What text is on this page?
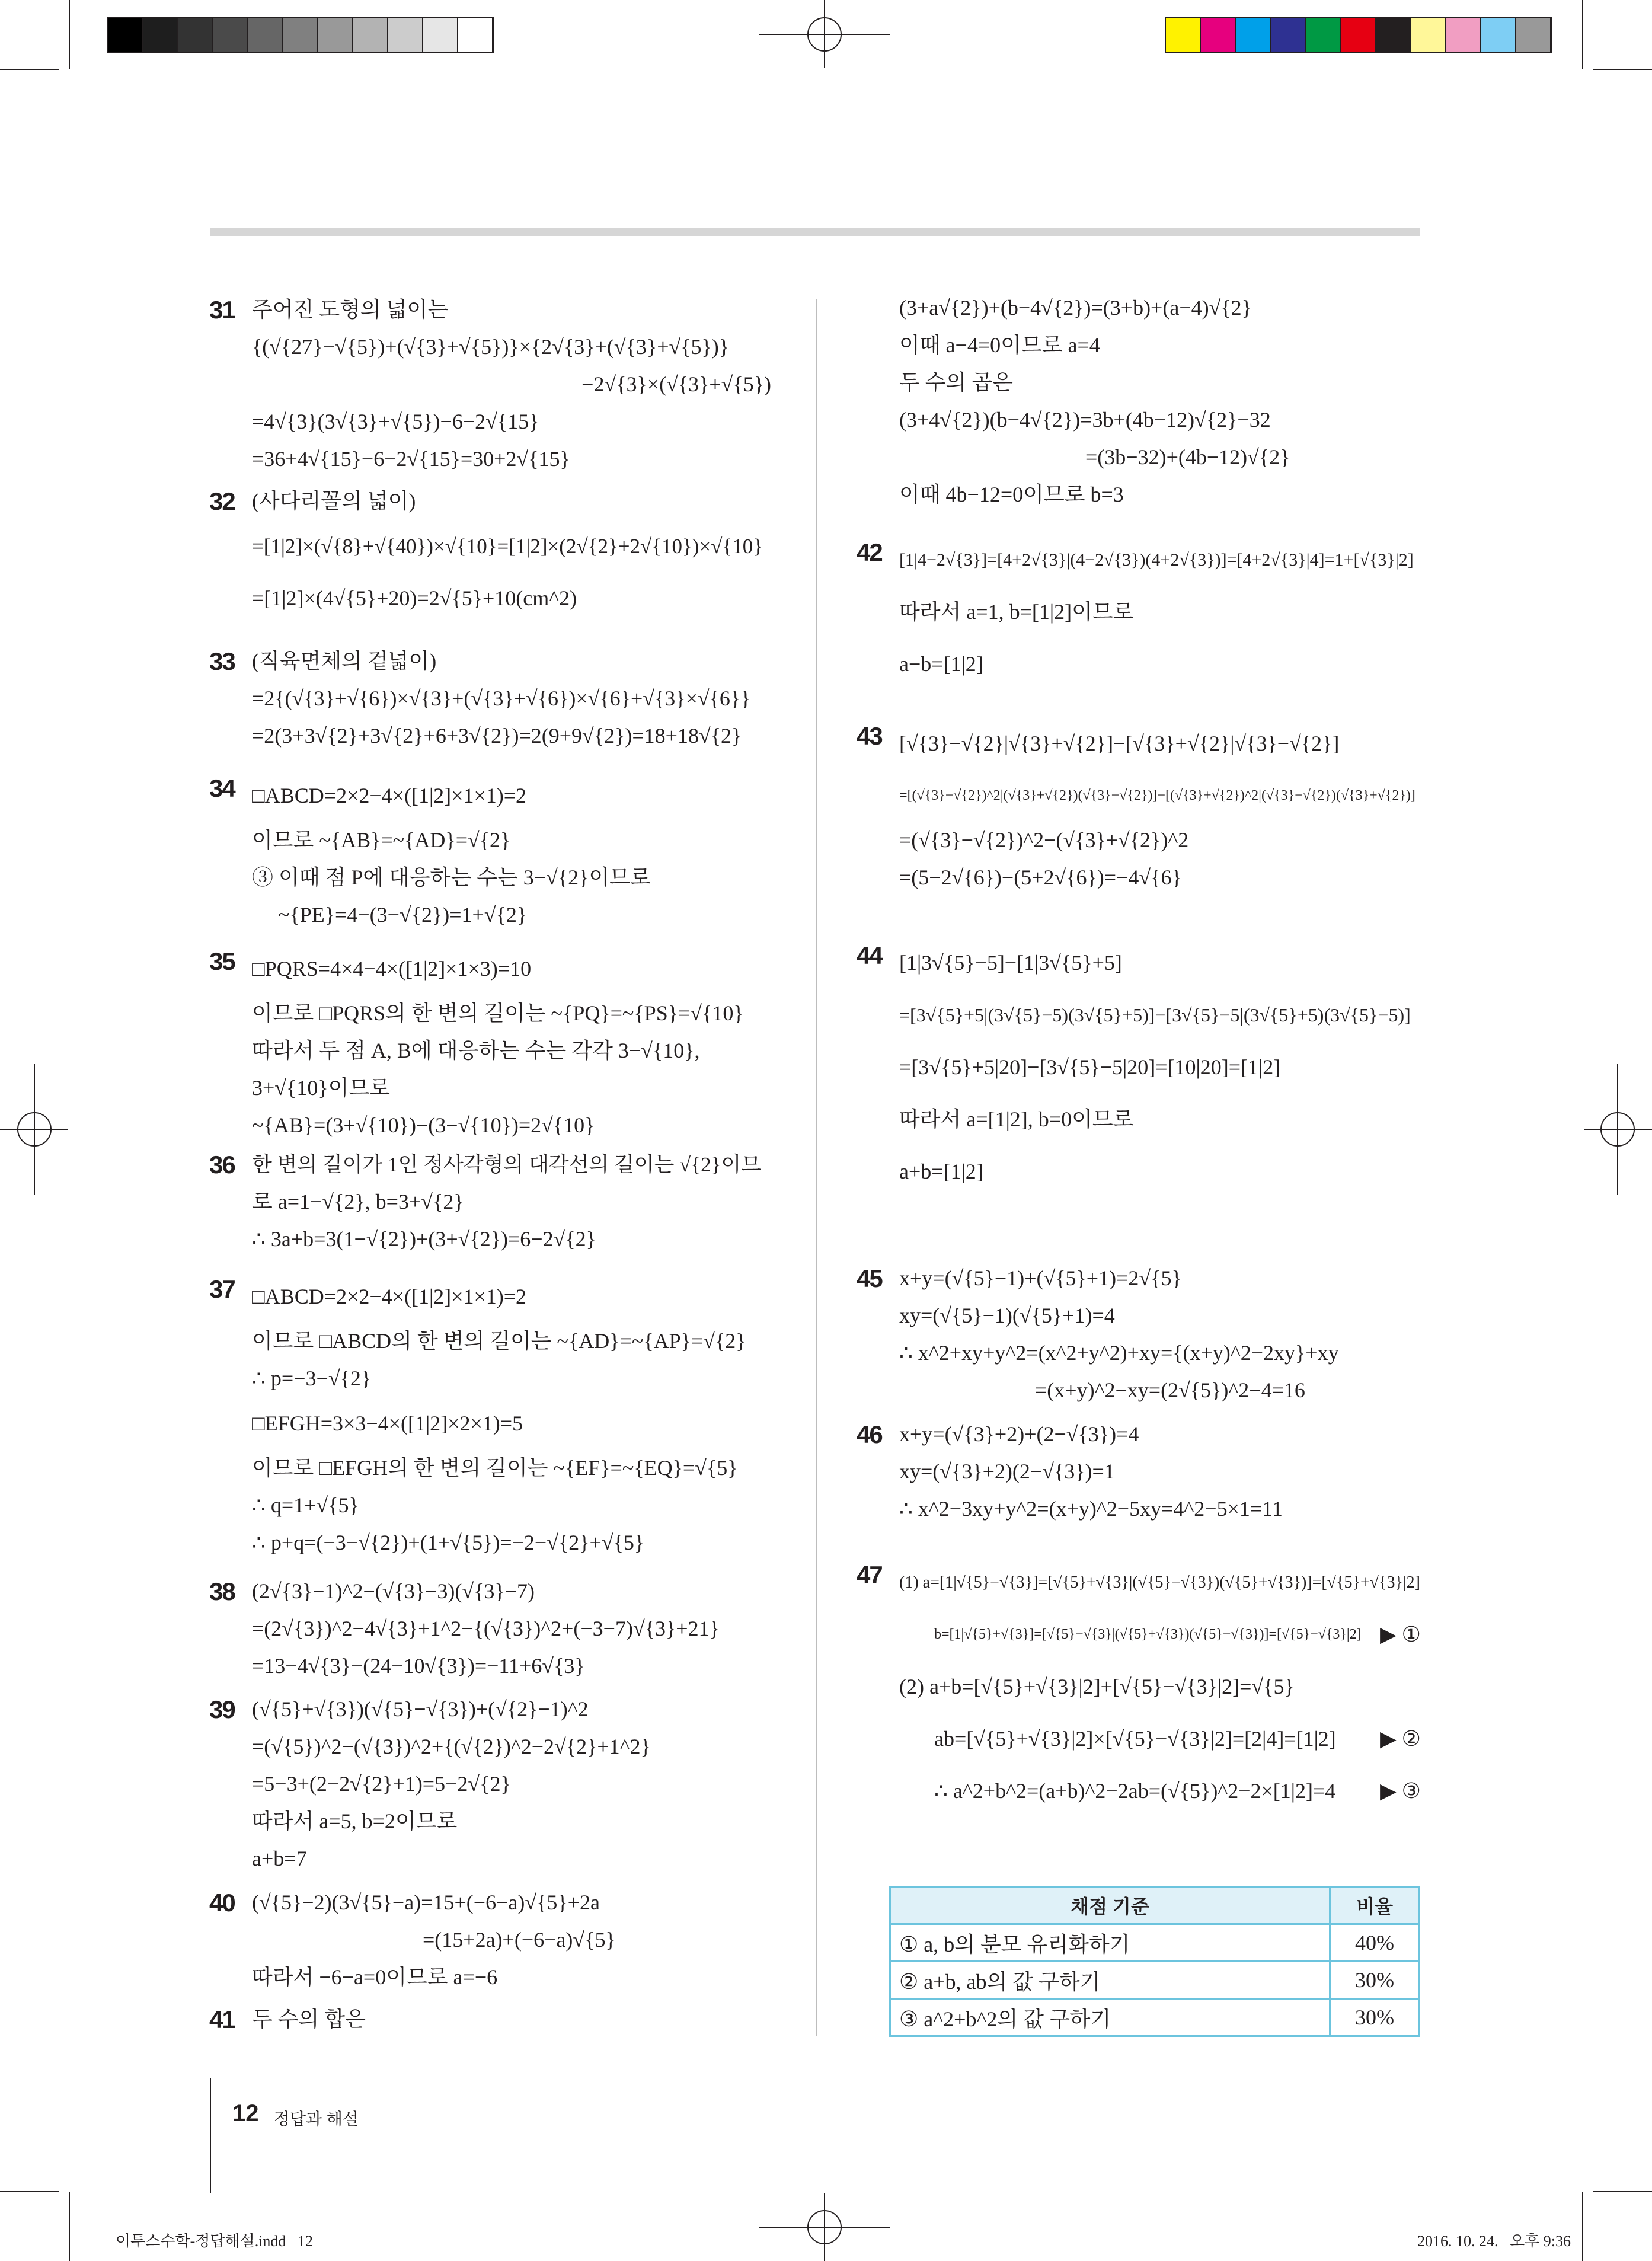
31 주어진 도형의 넓이는
{(√{27}−√{5})+(√{3}+√{5})}×{2√{3}+(√{3}+√{5})}
−2√{3}×(√{3}+√{5})
=4√{3}(3√{3}+√{5})−6−2√{15}
=36+4√{15}−6−2√{15}=30+2√{15}
32 (사다리꼴의 넓이)
=[1|2]×(√{8}+√{40})×√{10}=[1|2]×(2√{2}+2√{10})×√{10}
=[1|2]×(4√{5}+20)=2√{5}+10(cm^2)
33 (직육면체의 겉넓이)
=2{(√{3}+√{6})×√{3}+(√{3}+√{6})×√{6}+√{3}×√{6}}
=2(3+3√{2}+3√{2}+6+3√{2})=2(9+9√{2})=18+18√{2}
34 □ABCD=2×2−4×([1|2]×1×1)=2
이므로 ~{AB}=~{AD}=√{2}
③ 이때 점 P에 대응하는 수는 3−√{2}이므로
~{PE}=4−(3−√{2})=1+√{2}
35 □PQRS=4×4−4×([1|2]×1×3)=10
이므로 □PQRS의 한 변의 길이는 ~{PQ}=~{PS}=√{10}
따라서 두 점 A, B에 대응하는 수는 각각 3−√{10},
3+√{10}이므로
~{AB}=(3+√{10})−(3−√{10})=2√{10}
36 한 변의 길이가 1인 정사각형의 대각선의 길이는 √{2}이므
로 a=1−√{2}, b=3+√{2}
∴ 3a+b=3(1−√{2})+(3+√{2})=6−2√{2}
37 □ABCD=2×2−4×([1|2]×1×1)=2
이므로 □ABCD의 한 변의 길이는 ~{AD}=~{AP}=√{2}
∴ p=−3−√{2}
□EFGH=3×3−4×([1|2]×2×1)=5
이므로 □EFGH의 한 변의 길이는 ~{EF}=~{EQ}=√{5}
∴ q=1+√{5}
∴ p+q=(−3−√{2})+(1+√{5})=−2−√{2}+√{5}
38 (2√{3}−1)^2−(√{3}−3)(√{3}−7)
=(2√{3})^2−4√{3}+1^2−{(√{3})^2+(−3−7)√{3}+21}
=13−4√{3}−(24−10√{3})=−11+6√{3}
39 (√{5}+√{3})(√{5}−√{3})+(√{2}−1)^2
=(√{5})^2−(√{3})^2+{(√{2})^2−2√{2}+1^2}
=5−3+(2−2√{2}+1)=5−2√{2}
따라서 a=5, b=2이므로
a+b=7
40 (√{5}−2)(3√{5}−a)=15+(−6−a)√{5}+2a
=(15+2a)+(−6−a)√{5}
따라서 −6−a=0이므로 a=−6
41 두 수의 합은
(3+a√{2})+(b−4√{2})=(3+b)+(a−4)√{2}
이때 a−4=0이므로 a=4
두 수의 곱은
(3+4√{2})(b−4√{2})=3b+(4b−12)√{2}−32
=(3b−32)+(4b−12)√{2}
이때 4b−12=0이므로 b=3
42 [1|4−2√{3}]=[4+2√{3}|(4−2√{3})(4+2√{3})]=[4+2√{3}|4]=1+[√{3}|2]
따라서 a=1, b=[1|2]이므로
a−b=[1|2]
43 [√{3}−√{2}|√{3}+√{2}]−[√{3}+√{2}|√{3}−√{2}]
=[(√{3}−√{2})^2|(√{3}+√{2})(√{3}−√{2})]−[(√{3}+√{2})^2|(√{3}−√{2})(√{3}+√{2})]
=(√{3}−√{2})^2−(√{3}+√{2})^2
=(5−2√{6})−(5+2√{6})=−4√{6}
44 [1|3√{5}−5]−[1|3√{5}+5]
=[3√{5}+5|(3√{5}−5)(3√{5}+5)]−[3√{5}−5|(3√{5}+5)(3√{5}−5)]
=[3√{5}+5|20]−[3√{5}−5|20]=[10|20]=[1|2]
따라서 a=[1|2], b=0이므로
a+b=[1|2]
45 x+y=(√{5}−1)+(√{5}+1)=2√{5}
xy=(√{5}−1)(√{5}+1)=4
∴ x^2+xy+y^2=(x^2+y^2)+xy={(x+y)^2−2xy}+xy
=(x+y)^2−xy=(2√{5})^2−4=16
46 x+y=(√{3}+2)+(2−√{3})=4
xy=(√{3}+2)(2−√{3})=1
∴ x^2−3xy+y^2=(x+y)^2−5xy=4^2−5×1=11
47 (1) a=[1|√{5}−√{3}]=[√{5}+√{3}|(√{5}−√{3})(√{5}+√{3})]=[√{5}+√{3}|2]
b=[1|√{5}+√{3}]=[√{5}−√{3}|(√{5}+√{3})(√{5}−√{3})]=[√{5}−√{3}|2] ▶ ①
(2) a+b=[√{5}+√{3}|2]+[√{5}−√{3}|2]=√{5}
ab=[√{5}+√{3}|2]×[√{5}−√{3}|2]=[2|4]=[1|2] ▶ ②
∴ a^2+b^2=(a+b)^2−2ab=(√{5})^2−2×[1|2]=4 ▶ ③
채점 기준	비율
① a, b의 분모 유리화하기	40%
② a+b, ab의 값 구하기	30%
③ a^2+b^2의 값 구하기	30%
12 정답과 해설
이투스수학-정답해설.indd   12	2016. 10. 24.   오후 9:36
